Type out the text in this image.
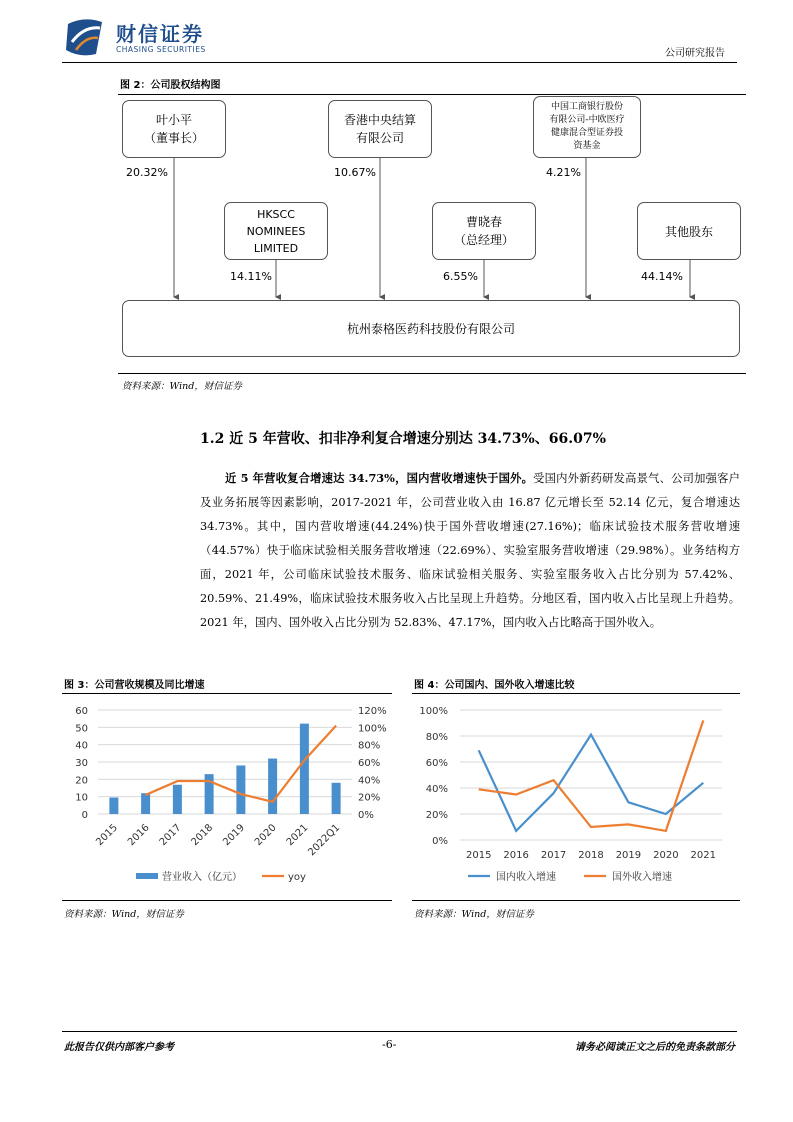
财信证券
CHASING SECURITIES	公司研究报告
图 2：公司股权结构图
叶小平
（董事长）
HKSCC
NOMINEES
LIMITED
香港中央结算
有限公司
曹晓春
（总经理）
中国工商银行股份
有限公司-中欧医疗
健康混合型证券投
资基金
其他股东
20.32%
14.11%
10.67%
6.55%
4.21%
44.14%
杭州泰格医药科技股份有限公司
资料来源：Wind，财信证券
1.2 近 5 年营收、扣非净利复合增速分别达 34.73%、66.07%
近 5 年营收复合增速达 34.73%，国内营收增速快于国外。受国内外新药研发高景气、公司加强客户及业务拓展等因素影响，2017-2021 年，公司营业收入由 16.87 亿元增长至 52.14 亿元，复合增速达 34.73%。其中，国内营收增速(44.24%)快于国外营收增速(27.16%)；临床试验技术服务营收增速（44.57%）快于临床试验相关服务营收增速（22.69%）、实验室服务营收增速（29.98%）。业务结构方面，2021 年，公司临床试验技术服务、临床试验相关服务、实验室服务收入占比分别为 57.42%、20.59%、21.49%，临床试验技术服务收入占比呈现上升趋势。分地区看，国内收入占比呈现上升趋势。2021 年，国内、国外收入占比分别为 52.83%、47.17%，国内收入占比略高于国外收入。
图 3：公司营收规模及同比增速
0	0%
10	20%
20	40%
30	60%
40	80%
50	100%
60	120%
2015 2016 2017 2018 2019 2020 2021
2022Q1
营业收入（亿元）	yoy
资料来源：Wind，财信证券
图 4：公司国内、国外收入增速比较
0%
20%
40%
60%
80%
100%
2015 2016 2017 2018 2019 2020 2021
国内收入增速	国外收入增速
资料来源：Wind，财信证券
此报告仅供内部客户参考	-6-	请务必阅读正文之后的免责条款部分
